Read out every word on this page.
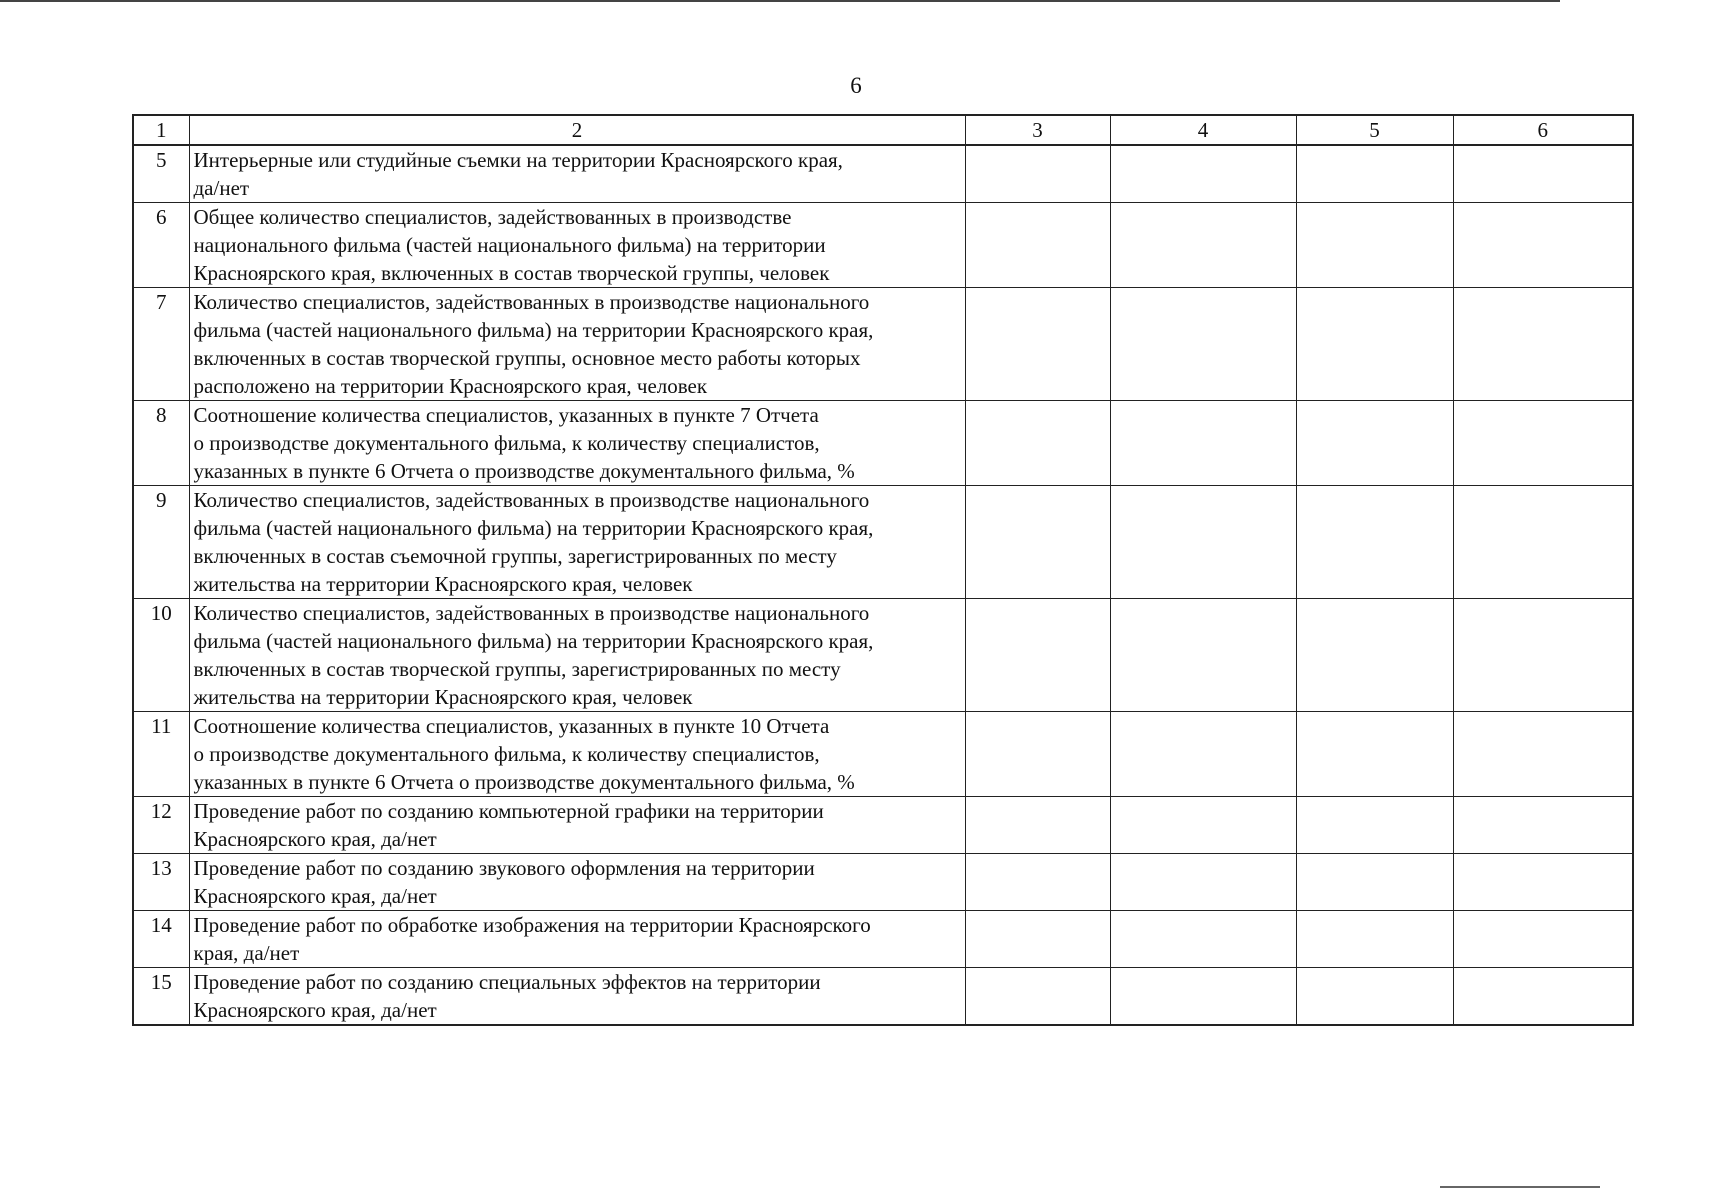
6
1	2	3	4	5	6
5	Интерьерные или студийные съемки на территории Красноярского края,
да/нет				

6	Общее количество специалистов, задействованных в производстве
национального фильма (частей национального фильма) на территории
Красноярского края, включенных в состав творческой группы, человек				

7	Количество специалистов, задействованных в производстве национального
фильма (частей национального фильма) на территории Красноярского края,
включенных в состав творческой группы, основное место работы которых
расположено на территории Красноярского края, человек				

8	Соотношение количества специалистов, указанных в пункте 7 Отчета
о производстве документального фильма, к количеству специалистов,
указанных в пункте 6 Отчета о производстве документального фильма, %				

9	Количество специалистов, задействованных в производстве национального
фильма (частей национального фильма) на территории Красноярского края,
включенных в состав съемочной группы, зарегистрированных по месту
жительства на территории Красноярского края, человек				

10	Количество специалистов, задействованных в производстве национального
фильма (частей национального фильма) на территории Красноярского края,
включенных в состав творческой группы, зарегистрированных по месту
жительства на территории Красноярского края, человек				

11	Соотношение количества специалистов, указанных в пункте 10 Отчета
о производстве документального фильма, к количеству специалистов,
указанных в пункте 6 Отчета о производстве документального фильма, %				

12	Проведение работ по созданию компьютерной графики на территории
Красноярского края, да/нет				

13	Проведение работ по созданию звукового оформления на территории
Красноярского края, да/нет				

14	Проведение работ по обработке изображения на территории Красноярского
края, да/нет				

15	Проведение работ по созданию специальных эффектов на территории
Красноярского края, да/нет				
